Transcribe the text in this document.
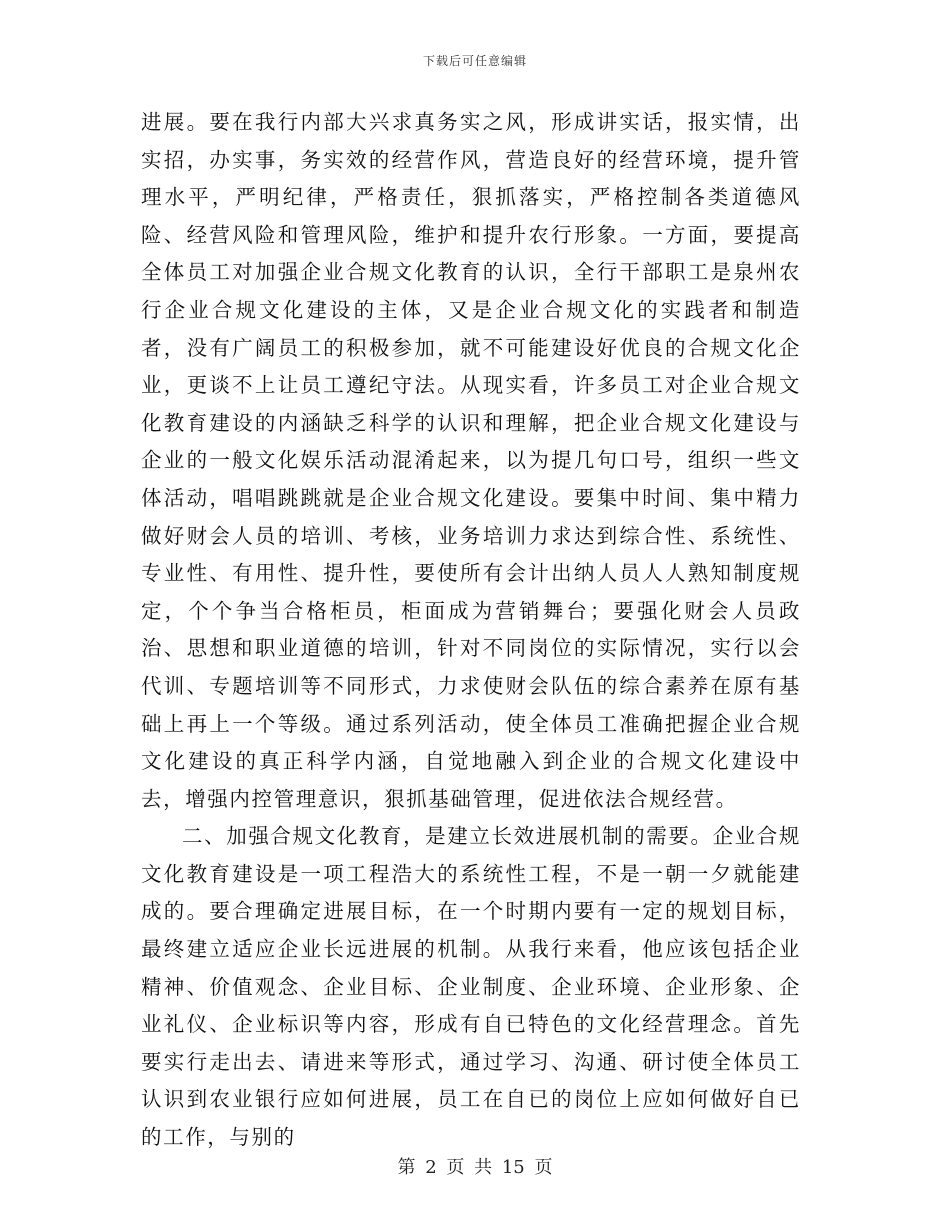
下载后可任意编辑

进展。要在我行内部大兴求真务实之风，形成讲实话，报实情，出实招，办实事，务实效的经营作风，营造良好的经营环境，提升管理水平，严明纪律，严格责任，狠抓落实，严格控制各类道德风险、经营风险和管理风险，维护和提升农行形象。一方面，要提高全体员工对加强企业合规文化教育的认识，全行干部职工是泉州农行企业合规文化建设的主体，又是企业合规文化的实践者和制造者，没有广阔员工的积极参加，就不可能建设好优良的合规文化企业，更谈不上让员工遵纪守法。从现实看，许多员工对企业合规文化教育建设的内涵缺乏科学的认识和理解，把企业合规文化建设与企业的一般文化娱乐活动混淆起来，以为提几句口号，组织一些文体活动，唱唱跳跳就是企业合规文化建设。要集中时间、集中精力做好财会人员的培训、考核，业务培训力求达到综合性、系统性、专业性、有用性、提升性，要使所有会计出纳人员人人熟知制度规定，个个争当合格柜员，柜面成为营销舞台；要强化财会人员政治、思想和职业道德的培训，针对不同岗位的实际情况，实行以会代训、专题培训等不同形式，力求使财会队伍的综合素养在原有基础上再上一个等级。通过系列活动，使全体员工准确把握企业合规文化建设的真正科学内涵，自觉地融入到企业的合规文化建设中去，增强内控管理意识，狠抓基础管理，促进依法合规经营。

二、加强合规文化教育，是建立长效进展机制的需要。企业合规文化教育建设是一项工程浩大的系统性工程，不是一朝一夕就能建成的。要合理确定进展目标，在一个时期内要有一定的规划目标，最终建立适应企业长远进展的机制。从我行来看，他应该包括企业精神、价值观念、企业目标、企业制度、企业环境、企业形象、企业礼仪、企业标识等内容，形成有自已特色的文化经营理念。首先要实行走出去、请进来等形式，通过学习、沟通、研讨使全体员工认识到农业银行应如何进展，员工在自已的岗位上应如何做好自已的工作，与别的

第 2 页 共 15 页
